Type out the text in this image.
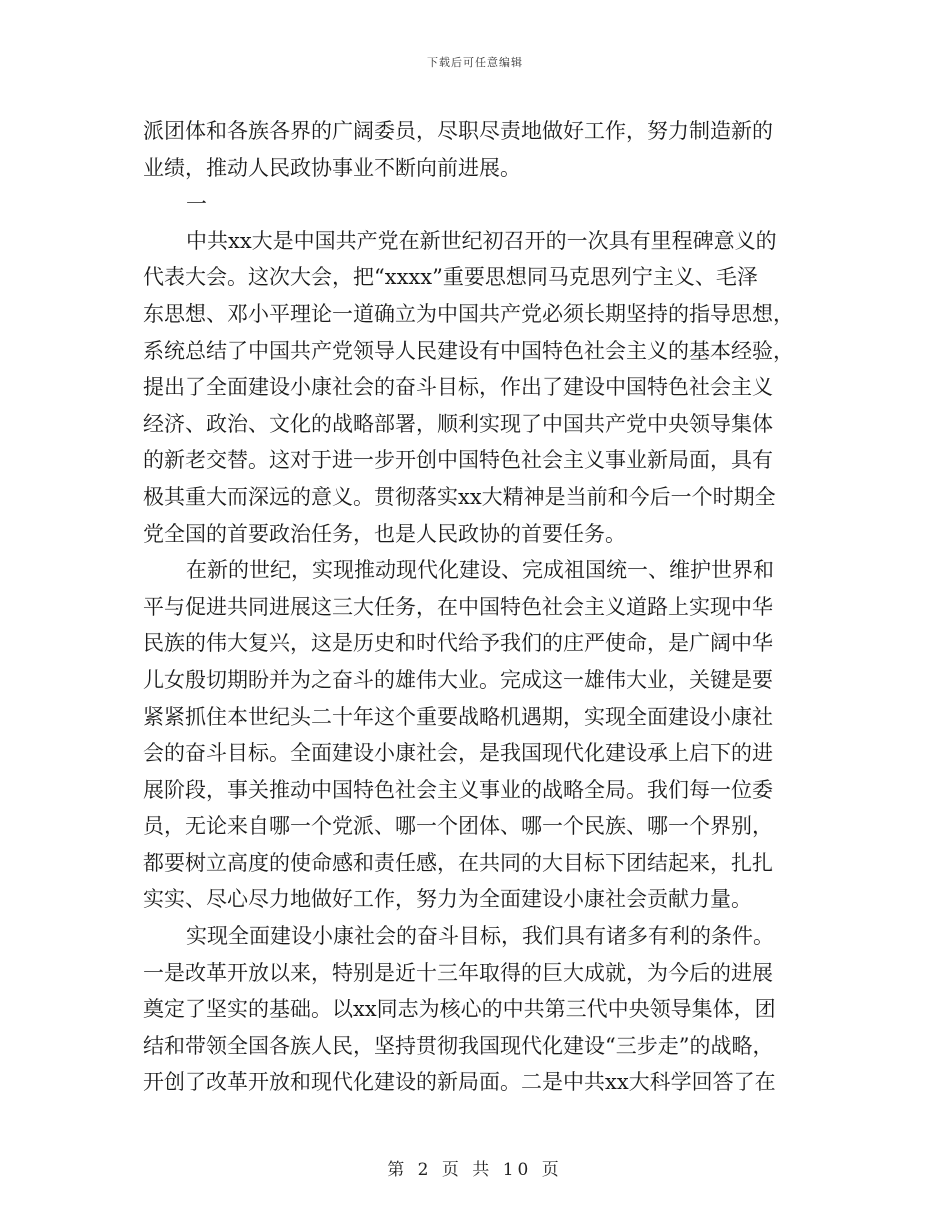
下载后可任意编辑
派团体和各族各界的广阔委员，尽职尽责地做好工作，努力制造新的
业绩，推动人民政协事业不断向前进展。
一
中共xx大是中国共产党在新世纪初召开的一次具有里程碑意义的
代表大会。这次大会，把“xxxx”重要思想同马克思列宁主义、毛泽
东思想、邓小平理论一道确立为中国共产党必须长期坚持的指导思想，
系统总结了中国共产党领导人民建设有中国特色社会主义的基本经验，
提出了全面建设小康社会的奋斗目标，作出了建设中国特色社会主义
经济、政治、文化的战略部署，顺利实现了中国共产党中央领导集体
的新老交替。这对于进一步开创中国特色社会主义事业新局面，具有
极其重大而深远的意义。贯彻落实xx大精神是当前和今后一个时期全
党全国的首要政治任务，也是人民政协的首要任务。
在新的世纪，实现推动现代化建设、完成祖国统一、维护世界和
平与促进共同进展这三大任务，在中国特色社会主义道路上实现中华
民族的伟大复兴，这是历史和时代给予我们的庄严使命，是广阔中华
儿女殷切期盼并为之奋斗的雄伟大业。完成这一雄伟大业，关键是要
紧紧抓住本世纪头二十年这个重要战略机遇期，实现全面建设小康社
会的奋斗目标。全面建设小康社会，是我国现代化建设承上启下的进
展阶段，事关推动中国特色社会主义事业的战略全局。我们每一位委
员，无论来自哪一个党派、哪一个团体、哪一个民族、哪一个界别，
都要树立高度的使命感和责任感，在共同的大目标下团结起来，扎扎
实实、尽心尽力地做好工作，努力为全面建设小康社会贡献力量。
实现全面建设小康社会的奋斗目标，我们具有诸多有利的条件。
一是改革开放以来，特别是近十三年取得的巨大成就，为今后的进展
奠定了坚实的基础。以xx同志为核心的中共第三代中央领导集体，团
结和带领全国各族人民，坚持贯彻我国现代化建设“三步走”的战略，
开创了改革开放和现代化建设的新局面。二是中共xx大科学回答了在
第 2 页 共 10 页
